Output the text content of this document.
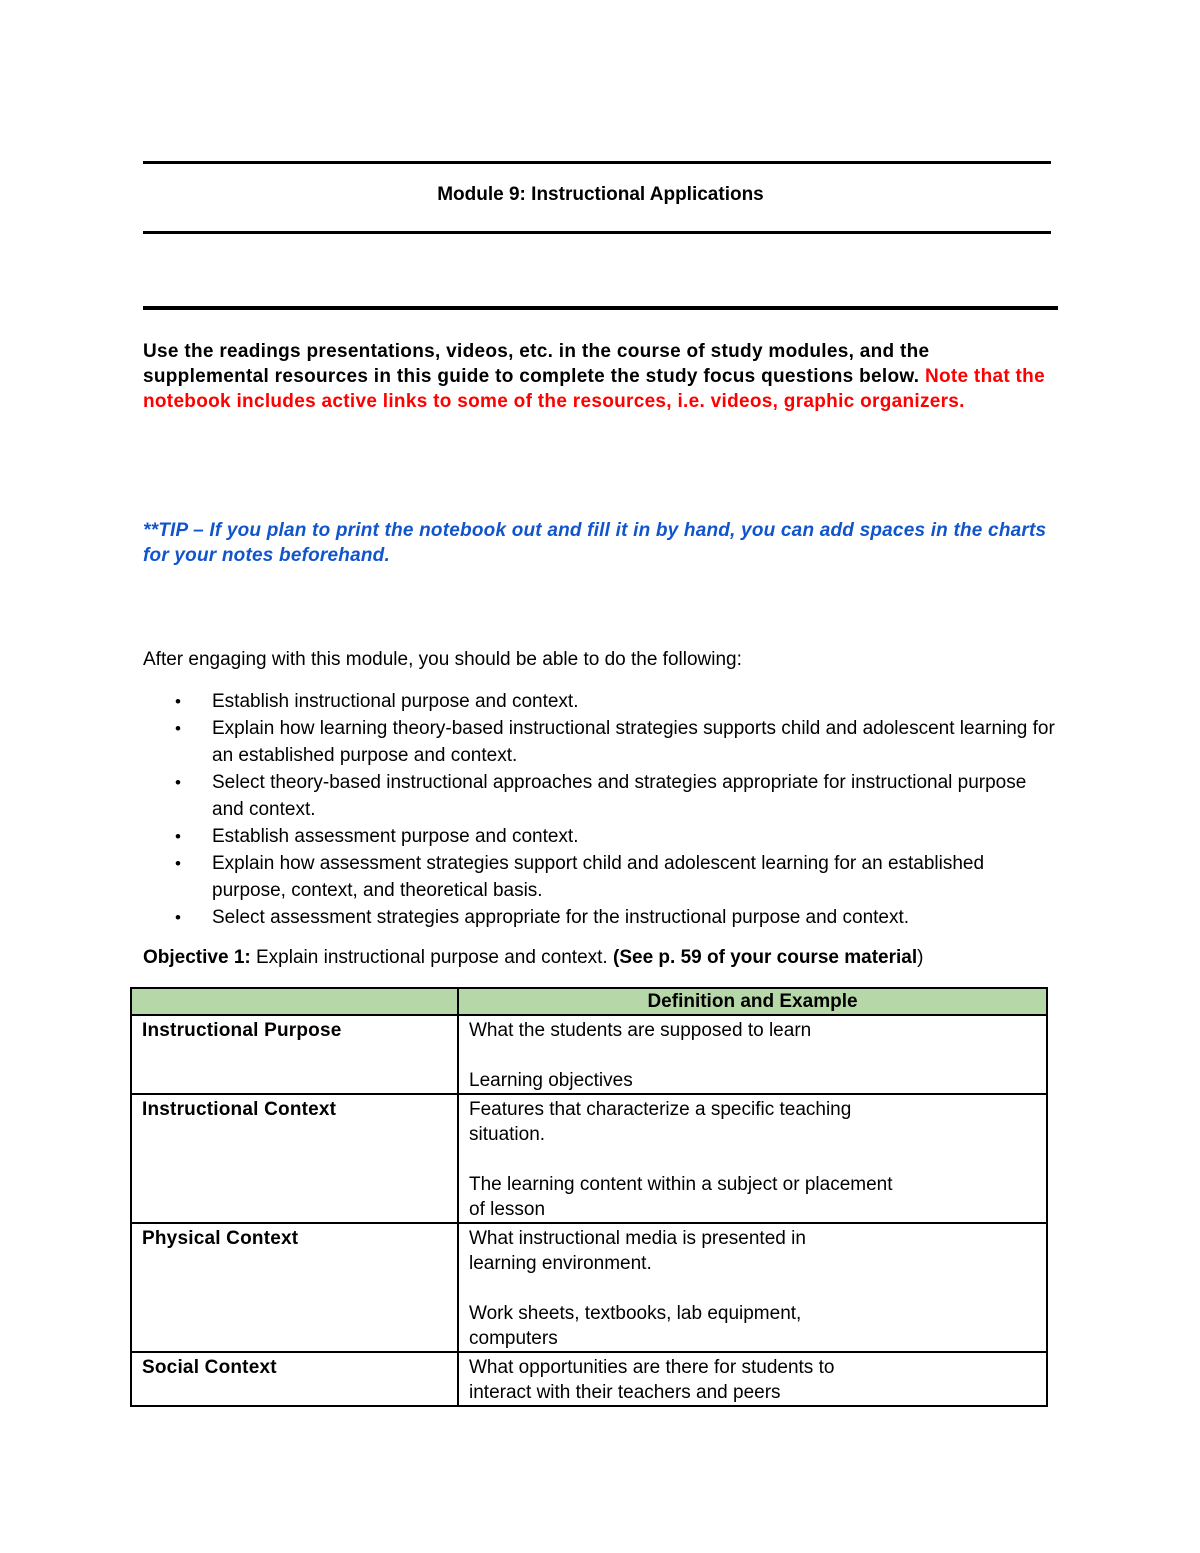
Module 9: Instructional Applications
Use the readings presentations, videos, etc. in the course of study modules, and the supplemental resources in this guide to complete the study focus questions below. Note that the notebook includes active links to some of the resources, i.e. videos, graphic organizers.
**TIP – If you plan to print the notebook out and fill it in by hand, you can add spaces in the charts for your notes beforehand.
After engaging with this module, you should be able to do the following:
• Establish instructional purpose and context.
• Explain how learning theory-based instructional strategies supports child and adolescent learning for an established purpose and context.
• Select theory-based instructional approaches and strategies appropriate for instructional purpose and context.
• Establish assessment purpose and context.
• Explain how assessment strategies support child and adolescent learning for an established purpose, context, and theoretical basis.
• Select assessment strategies appropriate for the instructional purpose and context.
Objective 1: Explain instructional purpose and context. (See p. 59 of your course material)
	Definition and Example
Instructional Purpose	What the students are supposed to learn
Learning objectives
Instructional Context	Features that characterize a specific teaching situation.
The learning content within a subject or placement of lesson
Physical Context	What instructional media is presented in learning environment.
Work sheets, textbooks, lab equipment, computers
Social Context	What opportunities are there for students to interact with their teachers and peers
